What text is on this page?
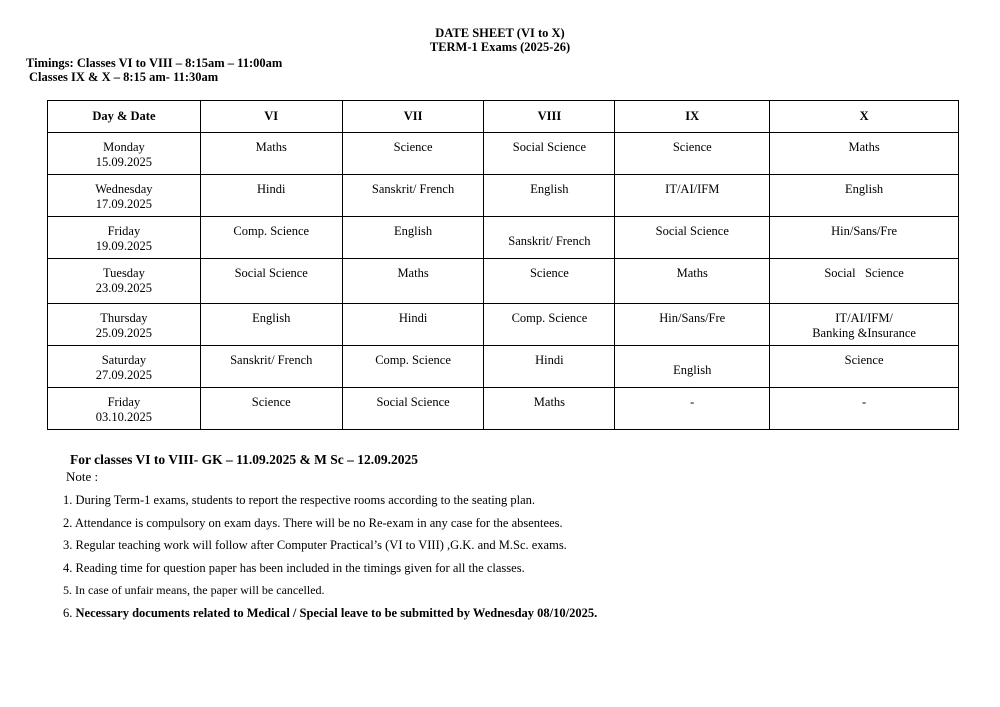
DATE SHEET (VI to X)
TERM-1 Exams (2025-26)
Timings: Classes VI to VIII – 8:15am – 11:00am
Classes IX & X – 8:15 am- 11:30am
Day & Date	VI	VII	VIII	IX	X

Monday
15.09.2025	Maths	Science	Social Science	Science	Maths

Wednesday
17.09.2025	Hindi	Sanskrit/ French	English	IT/AI/IFM	English

Friday
19.09.2025	Comp. Science	English	Sanskrit/ French	Social Science	Hin/Sans/Fre

Tuesday
23.09.2025	Social Science	Maths	Science	Maths	Social   Science

Thursday
25.09.2025	English	Hindi	Comp. Science	Hin/Sans/Fre	IT/AI/IFM/
Banking &Insurance

Saturday
27.09.2025	Sanskrit/ French	Comp. Science	Hindi	English	Science

Friday
03.10.2025	Science	Social Science	Maths	-	-
For classes VI to VIII- GK – 11.09.2025 & M Sc – 12.09.2025
Note :
1. During Term-1 exams, students to report the respective rooms according to the seating plan.
2. Attendance is compulsory on exam days. There will be no Re-exam in any case for the absentees.
3. Regular teaching work will follow after Computer Practical’s (VI to VIII) ,G.K. and M.Sc. exams.
4. Reading time for question paper has been included in the timings given for all the classes.
5. In case of unfair means, the paper will be cancelled.
6. Necessary documents related to Medical / Special leave to be submitted by Wednesday 08/10/2025.
